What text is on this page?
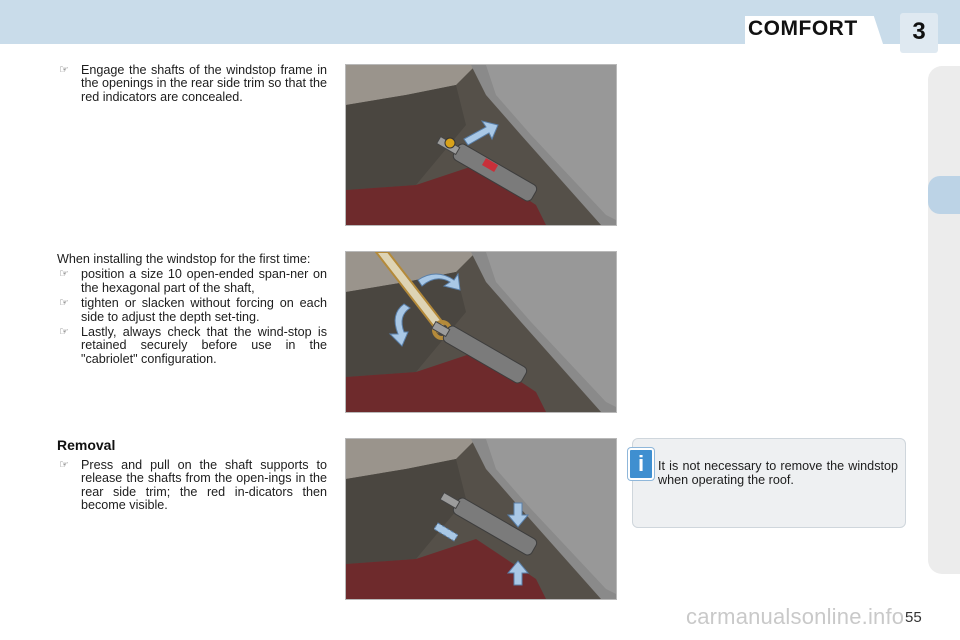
COMFORT	3
☞ Engage the shafts of the windstop frame in the openings in the rear side trim so that the red indicators are concealed.

When installing the windstop for the first time:

☞ position a size 10 open-ended span-ner on the hexagonal part of the shaft,
☞ tighten or slacken without forcing on each side to adjust the depth set-ting.
☞ Lastly, always check that the wind-stop is retained securely before use in the "cabriolet" configuration.
Removal
☞ Press and pull on the shaft supports to release the shafts from the open-ings in the rear side trim; the red in-dicators then become visible.
i	It is not necessary to remove the windstop when operating the roof.
carmanualsonline.info 55
